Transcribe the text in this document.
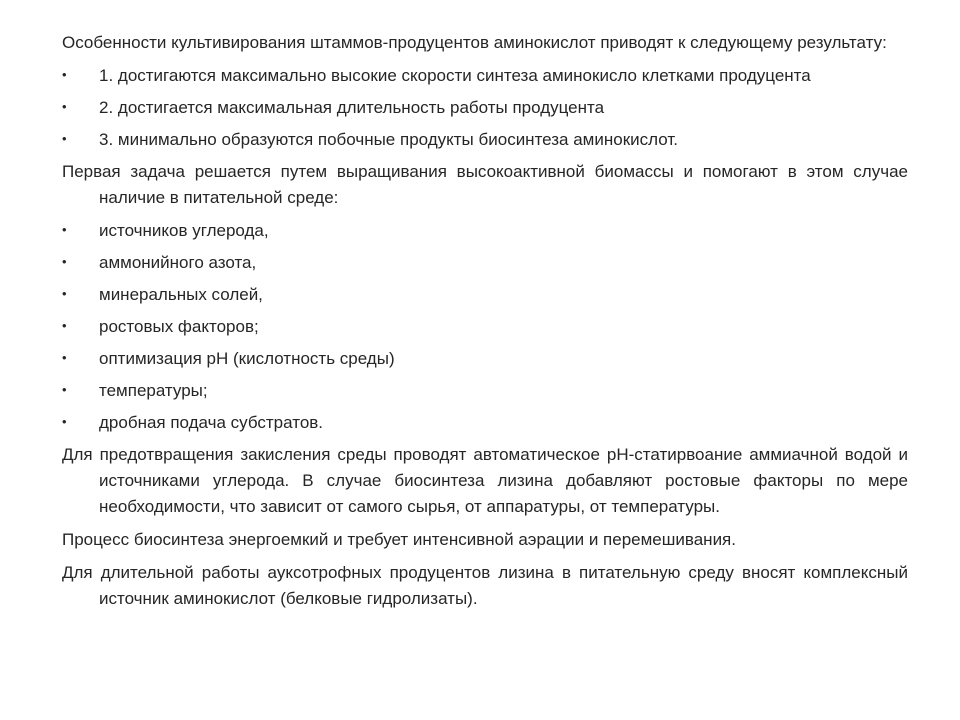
Особенности культивирования штаммов-продуцентов аминокислот приводят к следующему результату:

•	1. достигаются максимально высокие скорости синтеза аминокисло клетками продуцента
•	2. достигается максимальная длительность работы продуцента
•	3. минимально образуются побочные продукты биосинтеза аминокислот.

Первая задача решается путем выращивания высокоактивной биомассы и помогают в этом случае наличие в питательной среде:

•	источников углерода,
•	аммонийного азота,
•	минеральных солей,
•	ростовых факторов;
•	оптимизация pH (кислотность среды)
•	температуры;
•	дробная подача субстратов.

Для предотвращения закисления среды проводят автоматическое pH-статирвоание аммиачной водой и источниками углерода. В случае биосинтеза лизина добавляют ростовые факторы по мере необходимости, что зависит от самого сырья, от аппаратуры, от температуры.

Процесс биосинтеза энергоемкий и требует интенсивной аэрации и перемешивания.

Для длительной работы ауксотрофных продуцентов лизина в питательную среду вносят комплексный источник аминокислот (белковые гидролизаты).
